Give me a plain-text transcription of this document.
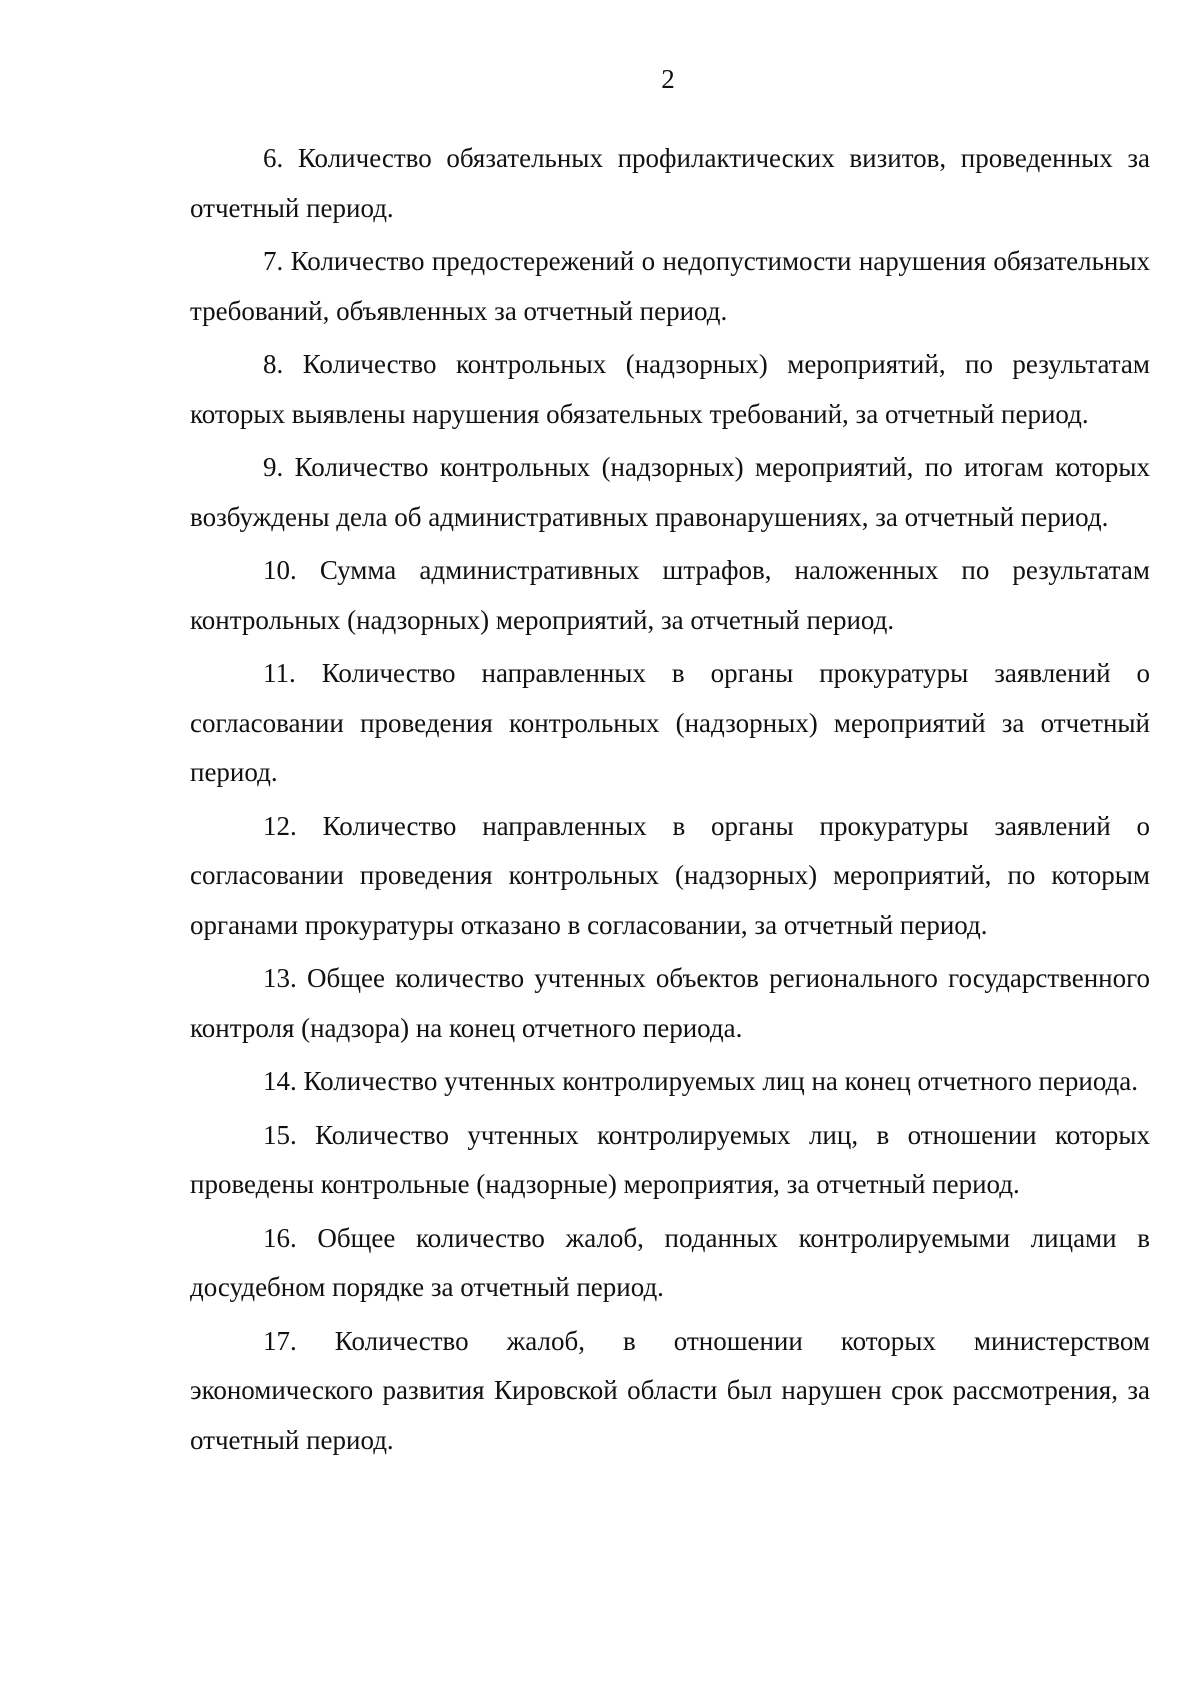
2

6. Количество обязательных профилактических визитов, проведенных за отчетный период.

7. Количество предостережений о недопустимости нарушения обязательных требований, объявленных за отчетный период.

8. Количество контрольных (надзорных) мероприятий, по результатам которых выявлены нарушения обязательных требований, за отчетный период.

9. Количество контрольных (надзорных) мероприятий, по итогам которых возбуждены дела об административных правонарушениях, за отчетный период.

10. Сумма административных штрафов, наложенных по результатам контрольных (надзорных) мероприятий, за отчетный период.

11. Количество направленных в органы прокуратуры заявлений о согласовании проведения контрольных (надзорных) мероприятий за отчетный период.

12. Количество направленных в органы прокуратуры заявлений о согласовании проведения контрольных (надзорных) мероприятий, по которым органами прокуратуры отказано в согласовании, за отчетный период.

13. Общее количество учтенных объектов регионального государственного контроля (надзора) на конец отчетного периода.

14. Количество учтенных контролируемых лиц на конец отчетного периода.

15. Количество учтенных контролируемых лиц, в отношении которых проведены контрольные (надзорные) мероприятия, за отчетный период.

16. Общее количество жалоб, поданных контролируемыми лицами в досудебном порядке за отчетный период.

17. Количество жалоб, в отношении которых министерством экономического развития Кировской области был нарушен срок рассмотрения, за отчетный период.
